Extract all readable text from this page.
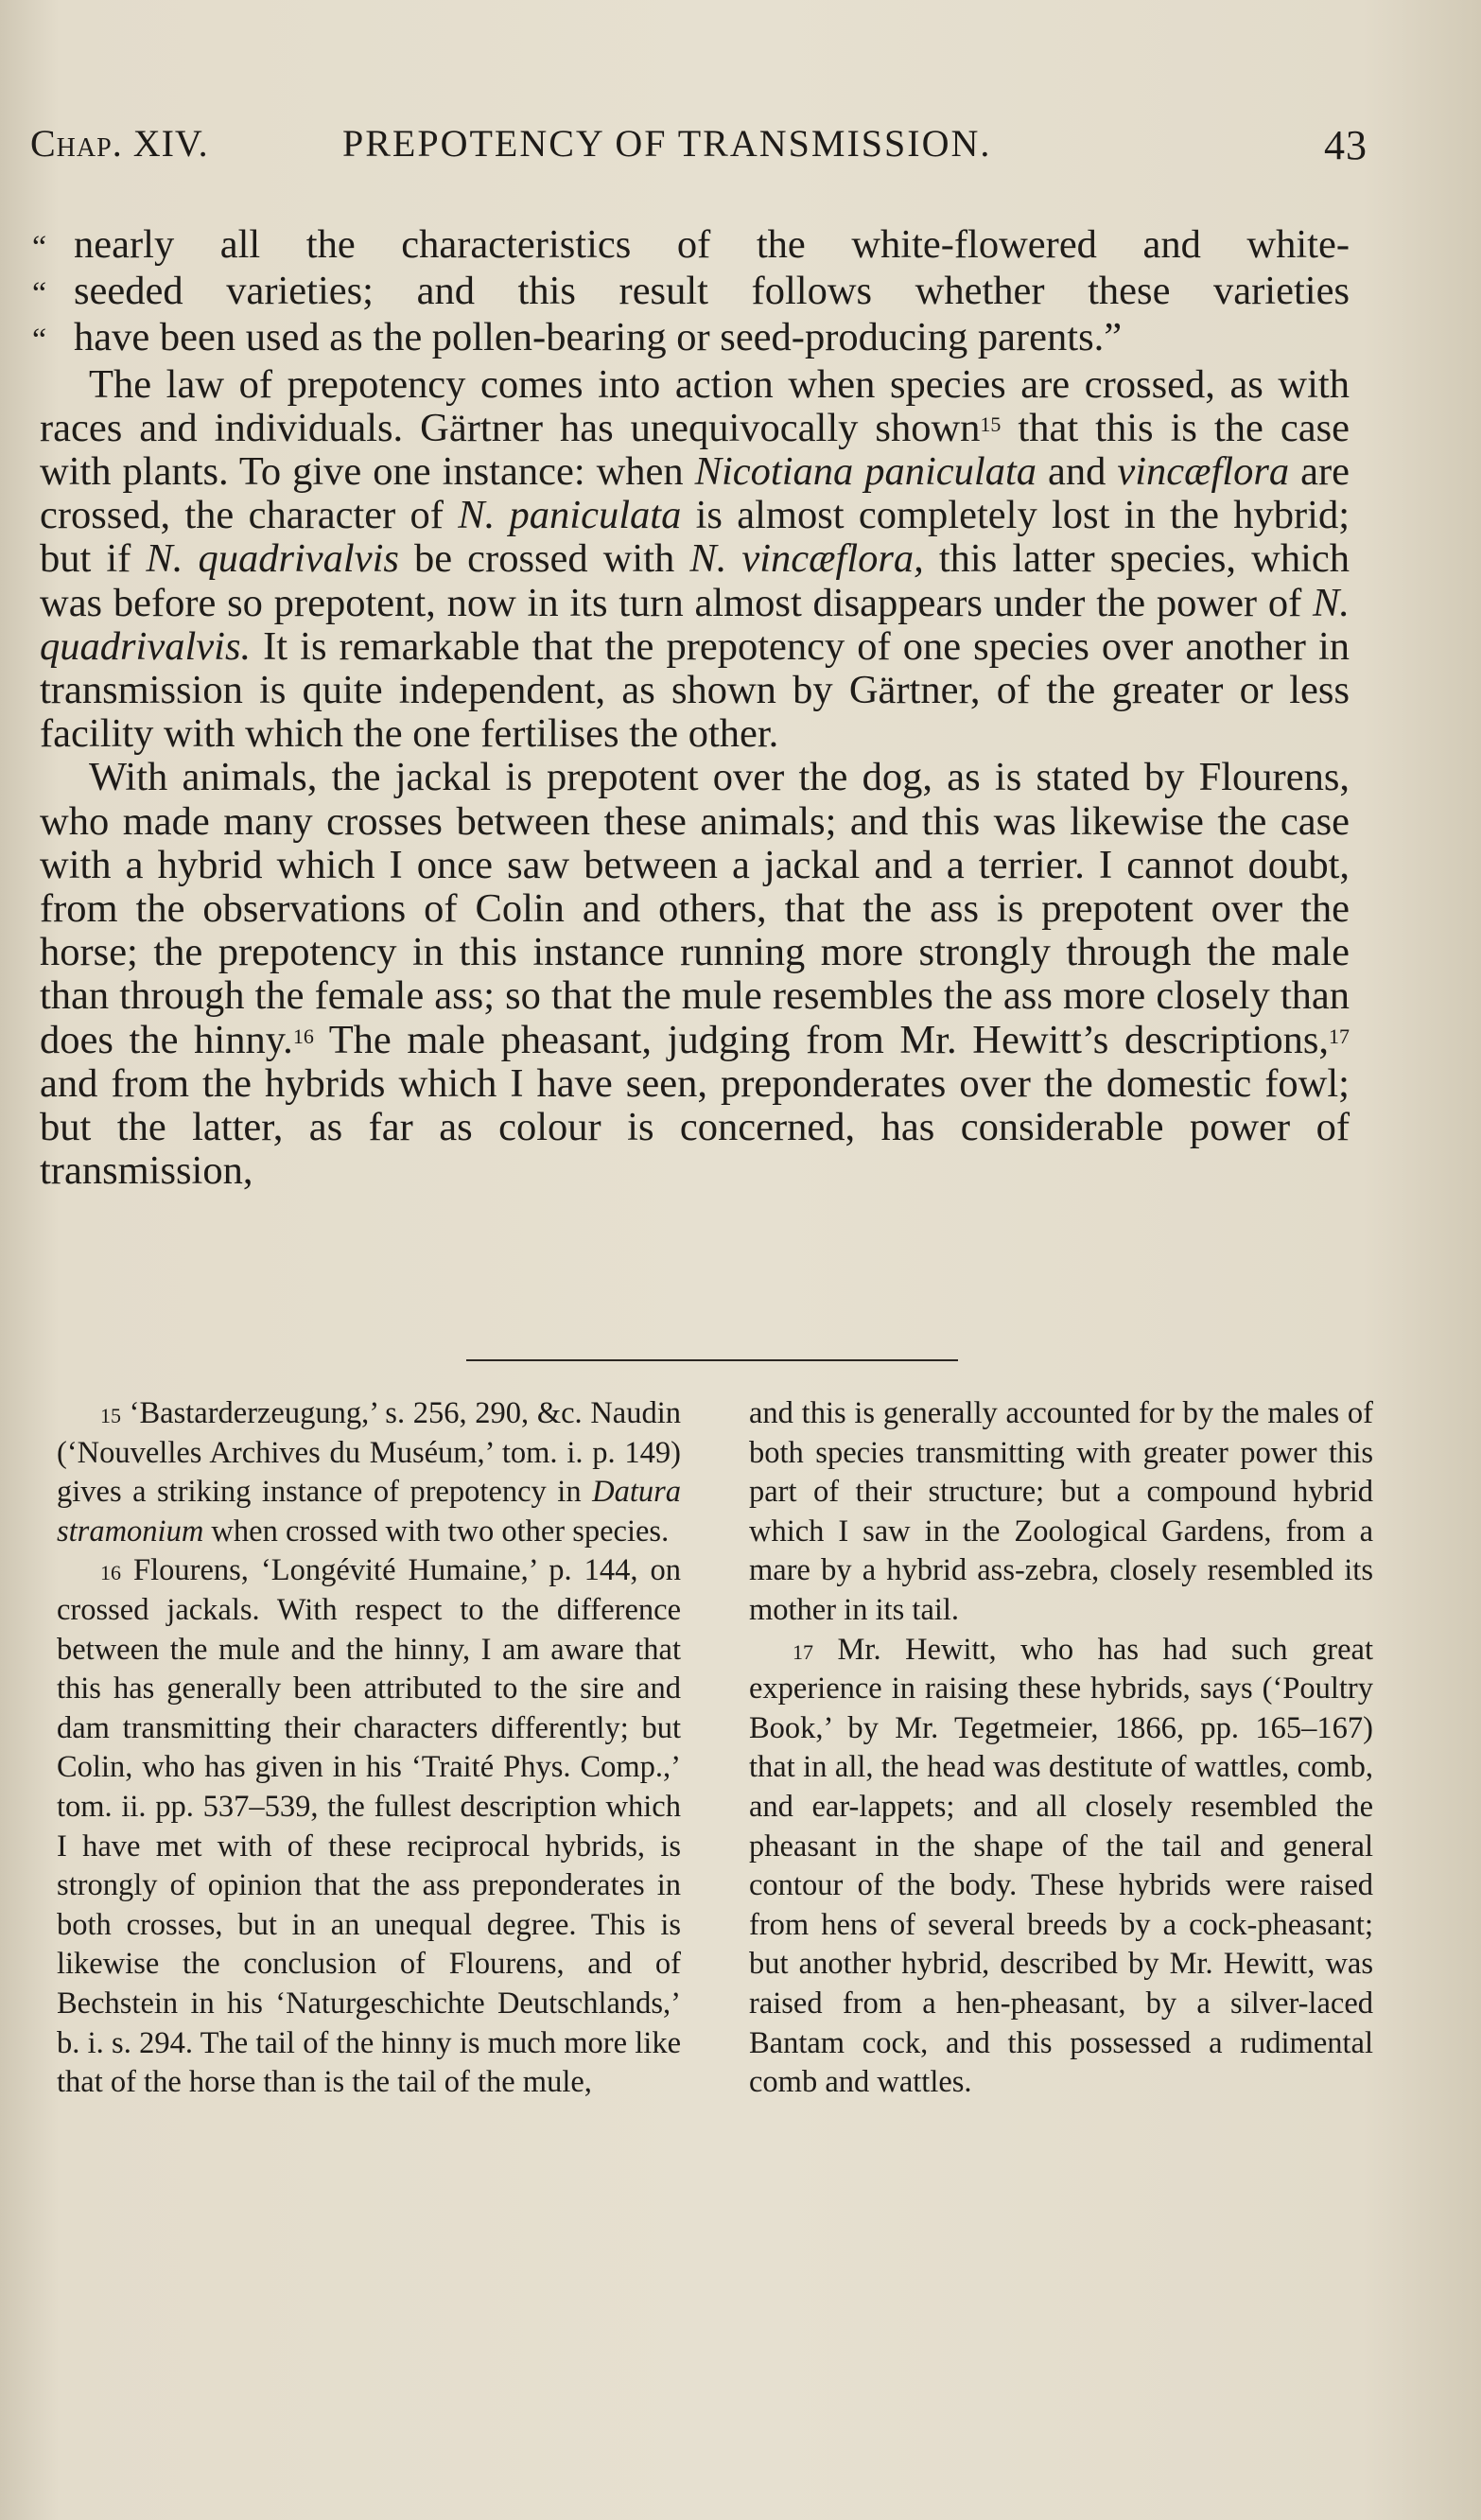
Chap. XIV.	PREPOTENCY OF TRANSMISSION.	43
“ nearly all the characteristics of the white-flowered and white-
“ seeded varieties; and this result follows whether these varieties
“ have been used as the pollen-bearing or seed-producing parents.”

The law of prepotency comes into action when species are crossed, as with races and individuals. Gärtner has unequivocally shown$^{15}$ that this is the case with plants. To give one instance: when Nicotiana paniculata and vincæflora are crossed, the character of N. paniculata is almost completely lost in the hybrid; but if N. quadrivalvis be crossed with N. vincæflora, this latter species, which was before so prepotent, now in its turn almost disappears under the power of N. quadrivalvis. It is remarkable that the prepotency of one species over another in transmission is quite independent, as shown by Gärtner, of the greater or less facility with which the one fertilises the other.

With animals, the jackal is prepotent over the dog, as is stated by Flourens, who made many crosses between these animals; and this was likewise the case with a hybrid which I once saw between a jackal and a terrier. I cannot doubt, from the observations of Colin and others, that the ass is prepotent over the horse; the prepotency in this instance running more strongly through the male than through the female ass; so that the mule resembles the ass more closely than does the hinny.$^{16}$ The male pheasant, judging from Mr. Hewitt’s descriptions,$^{17}$ and from the hybrids which I have seen, preponderates over the domestic fowl; but the latter, as far as colour is concerned, has considerable power of transmission,

$^{15}$ ‘Bastarderzeugung,’ s. 256, 290, &c. Naudin (‘Nouvelles Archives du Muséum,’ tom. i. p. 149) gives a striking instance of prepotency in Datura stramonium when crossed with two other species.

$^{16}$ Flourens, ‘Longévité Humaine,’ p. 144, on crossed jackals. With respect to the difference between the mule and the hinny, I am aware that this has generally been attributed to the sire and dam transmitting their characters differently; but Colin, who has given in his ‘Traité Phys. Comp.,’ tom. ii. pp. 537–539, the fullest description which I have met with of these reciprocal hybrids, is strongly of opinion that the ass preponderates in both crosses, but in an unequal degree. This is likewise the conclusion of Flourens, and of Bechstein in his ‘Naturgeschichte Deutschlands,’ b. i. s. 294. The tail of the hinny is much more like that of the horse than is the tail of the mule,

and this is generally accounted for by the males of both species transmitting with greater power this part of their structure; but a compound hybrid which I saw in the Zoological Gardens, from a mare by a hybrid ass-zebra, closely resembled its mother in its tail.

$^{17}$ Mr. Hewitt, who has had such great experience in raising these hybrids, says (‘Poultry Book,’ by Mr. Tegetmeier, 1866, pp. 165–167) that in all, the head was destitute of wattles, comb, and ear-lappets; and all closely resembled the pheasant in the shape of the tail and general contour of the body. These hybrids were raised from hens of several breeds by a cock-pheasant; but another hybrid, described by Mr. Hewitt, was raised from a hen-pheasant, by a silver-laced Bantam cock, and this possessed a rudimental comb and wattles.
